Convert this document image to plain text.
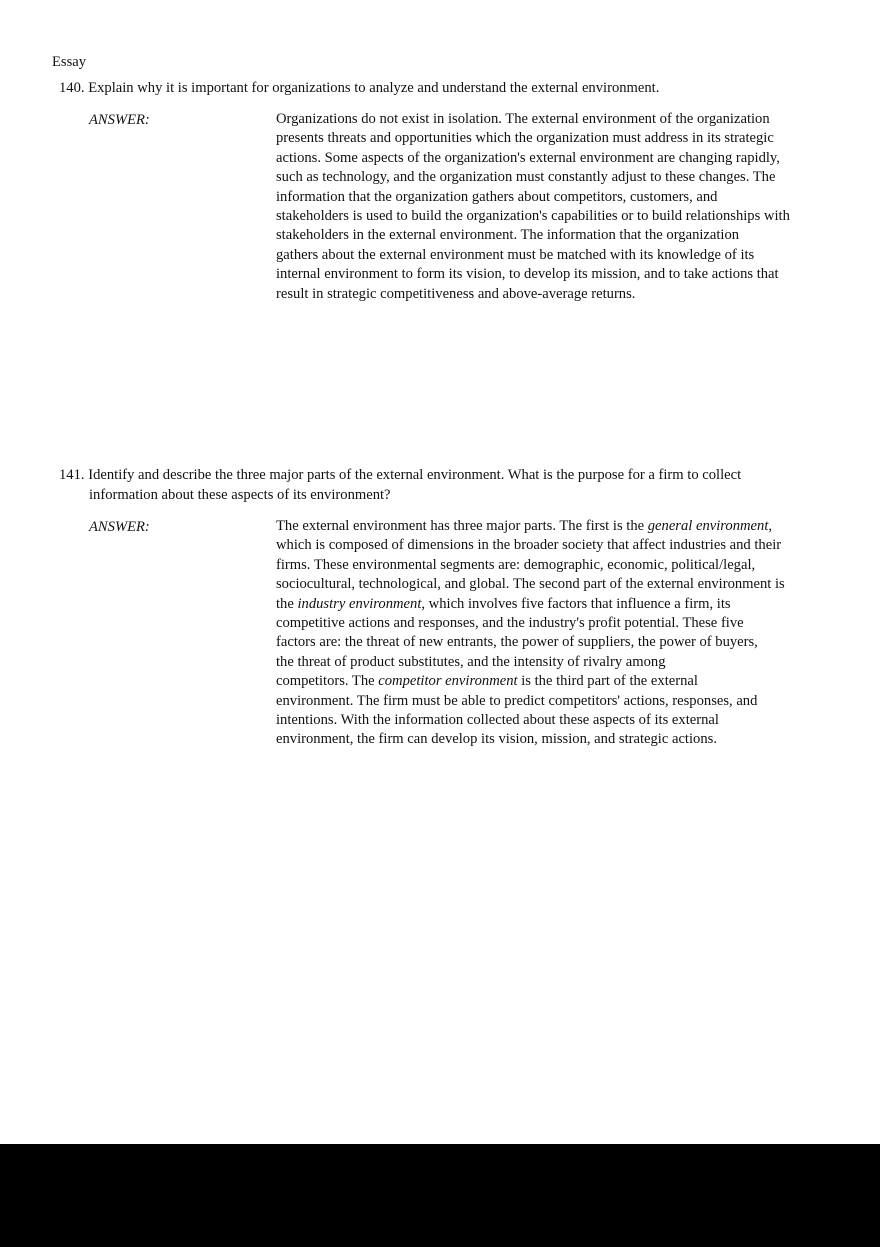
Essay
140. Explain why it is important for organizations to analyze and understand the external environment.
ANSWER:	Organizations do not exist in isolation. The external environment of the organization
presents threats and opportunities which the organization must address in its strategic
actions. Some aspects of the organization's external environment are changing rapidly,
such as technology, and the organization must constantly adjust to these changes. The
information that the organization gathers about competitors, customers, and
stakeholders is used to build the organization's capabilities or to build relationships with
stakeholders in the external environment. The information that the organization
gathers about the external environment must be matched with its knowledge of its
internal environment to form its vision, to develop its mission, and to take actions that
result in strategic competitiveness and above-average returns.
141. Identify and describe the three major parts of the external environment. What is the purpose for a firm to collect
information about these aspects of its environment?
ANSWER:	The external environment has three major parts. The first is the general environment,
which is composed of dimensions in the broader society that affect industries and their
firms. These environmental segments are: demographic, economic, political/legal,
sociocultural, technological, and global. The second part of the external environment is
the industry environment, which involves five factors that influence a firm, its
competitive actions and responses, and the industry's profit potential. These five
factors are: the threat of new entrants, the power of suppliers, the power of buyers,
the threat of product substitutes, and the intensity of rivalry among
competitors. The competitor environment is the third part of the external
environment. The firm must be able to predict competitors' actions, responses, and
intentions. With the information collected about these aspects of its external
environment, the firm can develop its vision, mission, and strategic actions.
